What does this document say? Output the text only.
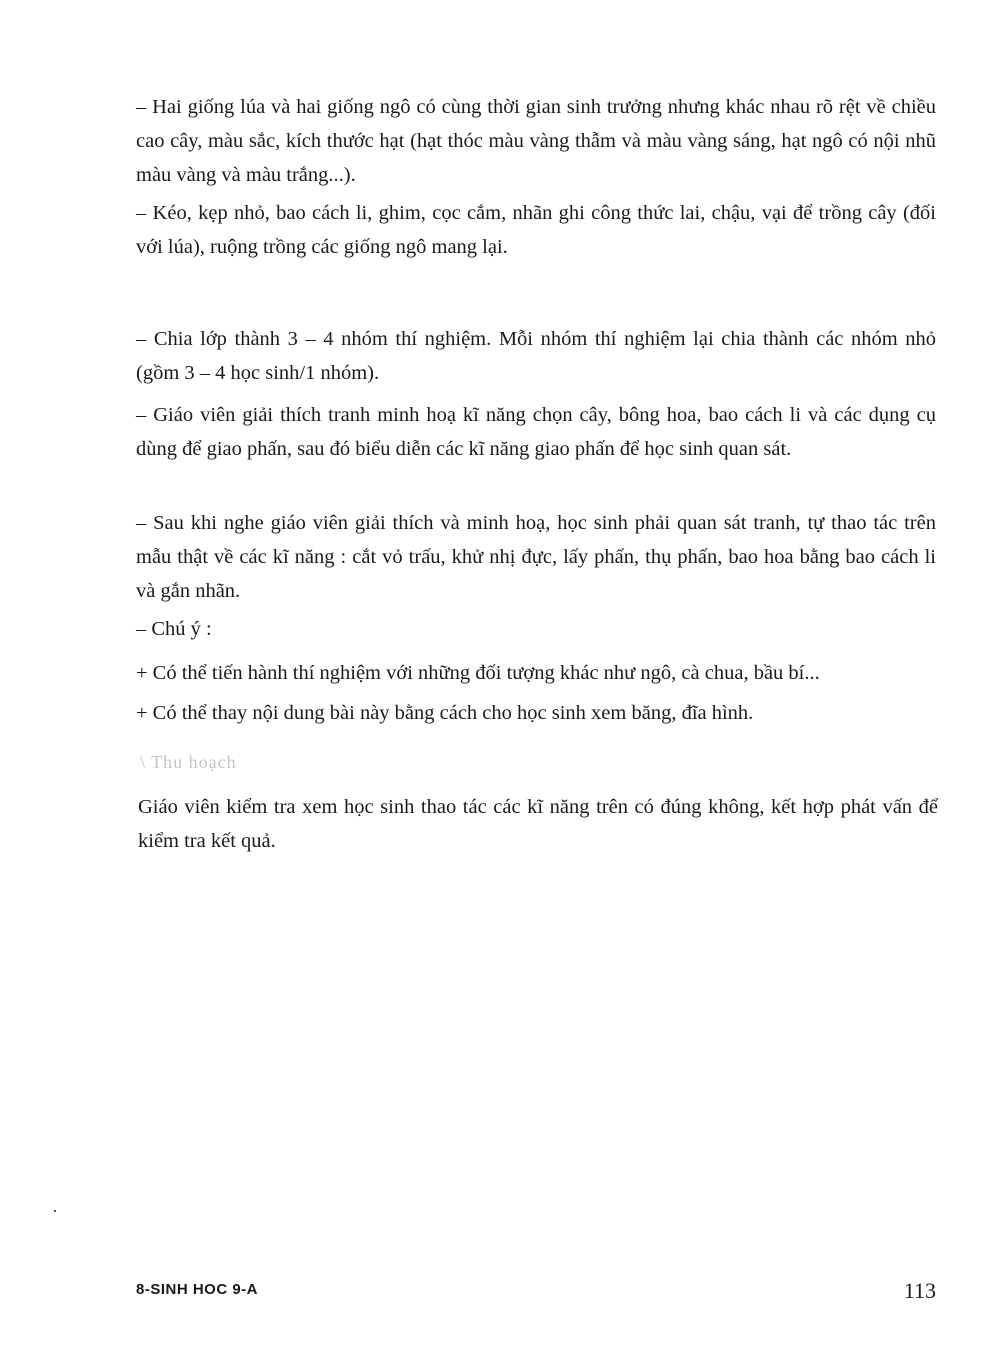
– Hai giống lúa và hai giống ngô có cùng thời gian sinh trưởng nhưng khác nhau rõ rệt về chiều cao cây, màu sắc, kích thước hạt (hạt thóc màu vàng thẫm và màu vàng sáng, hạt ngô có nội nhũ màu vàng và màu trắng...).

– Kéo, kẹp nhỏ, bao cách li, ghim, cọc cắm, nhãn ghi công thức lai, chậu, vại để trồng cây (đối với lúa), ruộng trồng các giống ngô mang lại.

– Chia lớp thành 3 – 4 nhóm thí nghiệm. Mỗi nhóm thí nghiệm lại chia thành các nhóm nhỏ (gồm 3 – 4 học sinh/1 nhóm).

– Giáo viên giải thích tranh minh hoạ kĩ năng chọn cây, bông hoa, bao cách li và các dụng cụ dùng để giao phấn, sau đó biểu diễn các kĩ năng giao phấn để học sinh quan sát.

– Sau khi nghe giáo viên giải thích và minh hoạ, học sinh phải quan sát tranh, tự thao tác trên mẫu thật về các kĩ năng : cắt vỏ trấu, khử nhị đực, lấy phấn, thụ phấn, bao hoa bằng bao cách li và gắn nhãn.

– Chú ý :

+ Có thể tiến hành thí nghiệm với những đối tượng khác như ngô, cà chua, bầu bí...

+ Có thể thay nội dung bài này bằng cách cho học sinh xem băng, đĩa hình.

\ Thu hoạch

Giáo viên kiểm tra xem học sinh thao tác các kĩ năng trên có đúng không, kết hợp phát vấn để kiểm tra kết quả.

8-SINH HOC 9-A	113
